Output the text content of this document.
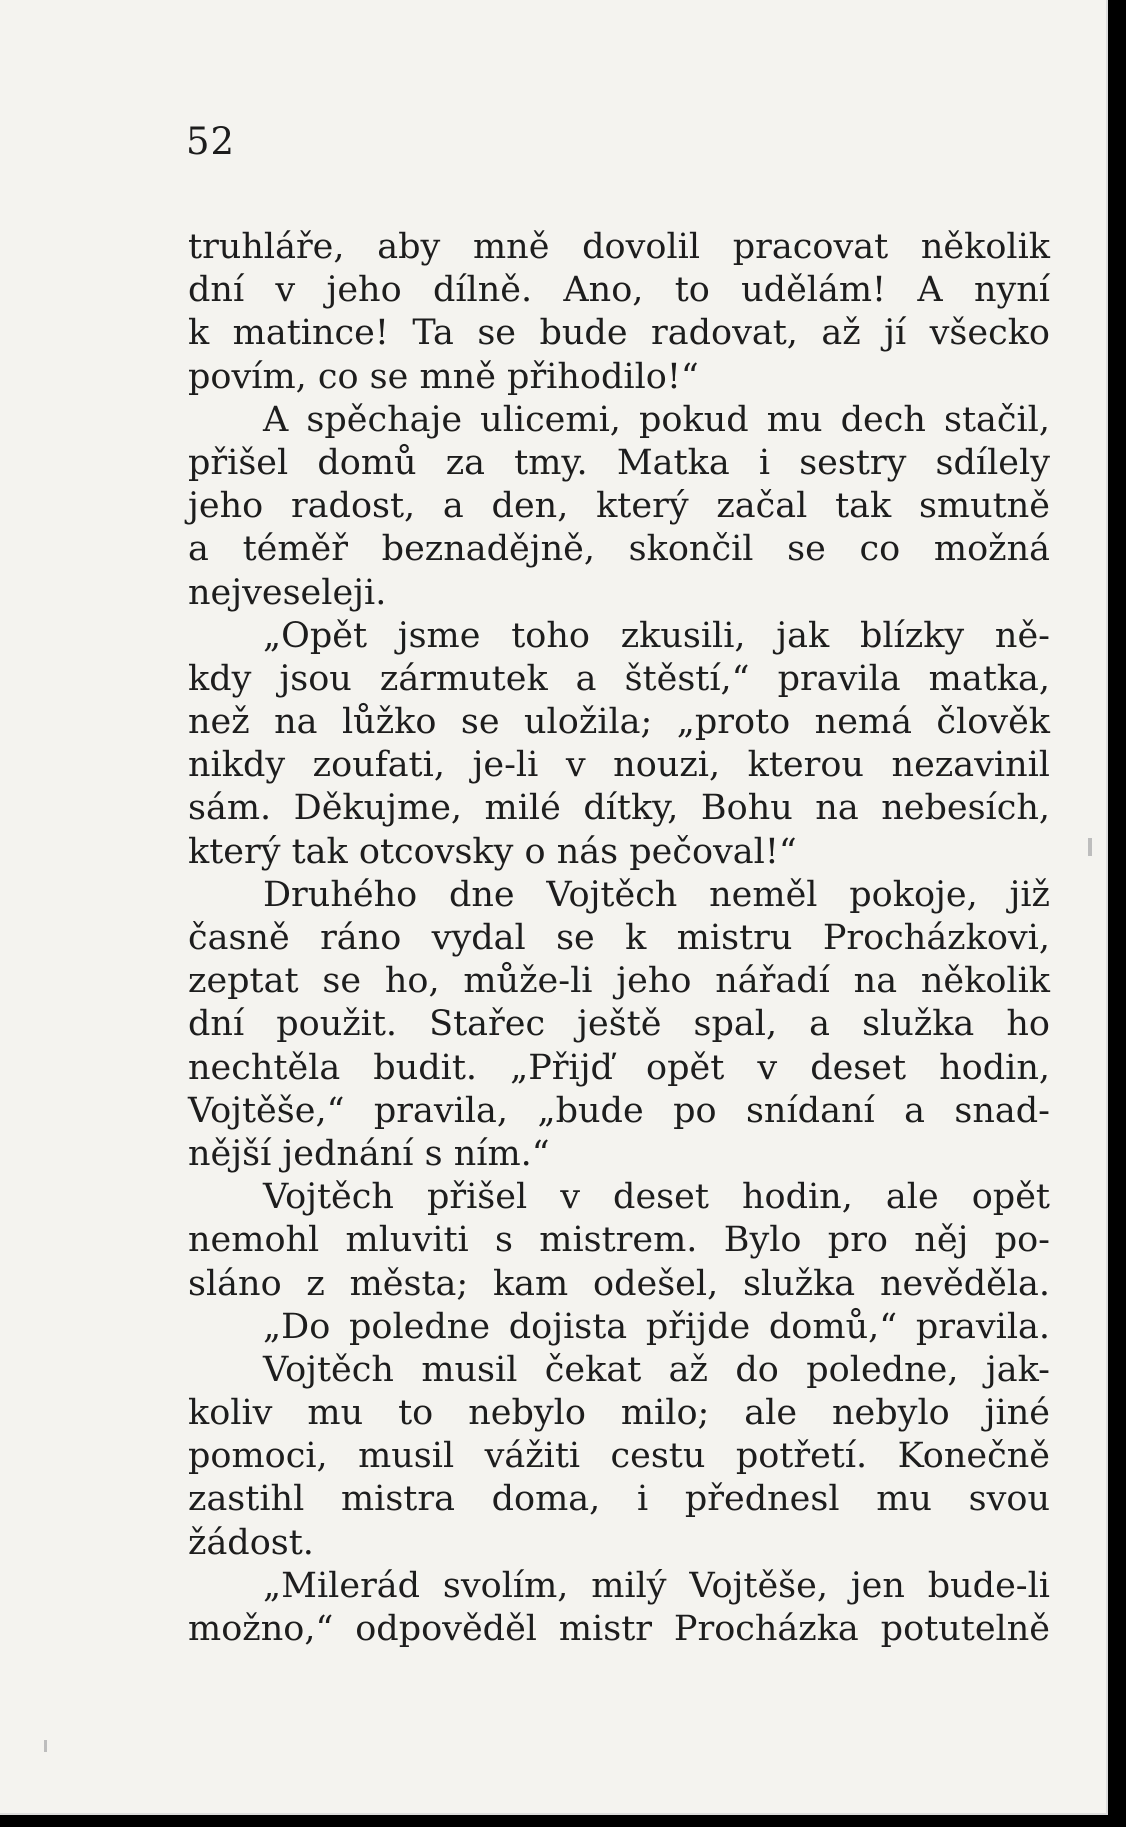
52
truhláře, aby mně dovolil pracovat několik
dní v jeho dílně. Ano, to udělám! A nyní
k matince! Ta se bude radovat, až jí všecko
povím, co se mně přihodilo!“
A spěchaje ulicemi, pokud mu dech stačil,
přišel domů za tmy. Matka i sestry sdílely
jeho radost, a den, který začal tak smutně
a téměř beznadějně, skončil se co možná
nejveseleji.
„Opět jsme toho zkusili, jak blízky ně-
kdy jsou zármutek a štěstí,“ pravila matka,
než na lůžko se uložila; „proto nemá člověk
nikdy zoufati, je-li v nouzi, kterou nezavinil
sám. Děkujme, milé dítky, Bohu na nebesích,
který tak otcovsky o nás pečoval!“
Druhého dne Vojtěch neměl pokoje, již
časně ráno vydal se k mistru Procházkovi,
zeptat se ho, může-li jeho nářadí na několik
dní použit. Stařec ještě spal, a služka ho
nechtěla budit. „Přijď opět v deset hodin,
Vojtěše,“ pravila, „bude po snídaní a snad-
nější jednání s ním.“
Vojtěch přišel v deset hodin, ale opět
nemohl mluviti s mistrem. Bylo pro něj po-
sláno z města; kam odešel, služka nevěděla.
„Do poledne dojista přijde domů,“ pravila.
Vojtěch musil čekat až do poledne, jak-
koliv mu to nebylo milo; ale nebylo jiné
pomoci, musil vážiti cestu potřetí. Konečně
zastihl mistra doma, i přednesl mu svou
žádost.
„Milerád svolím, milý Vojtěše, jen bude-li
možno,“ odpověděl mistr Procházka potutelně
